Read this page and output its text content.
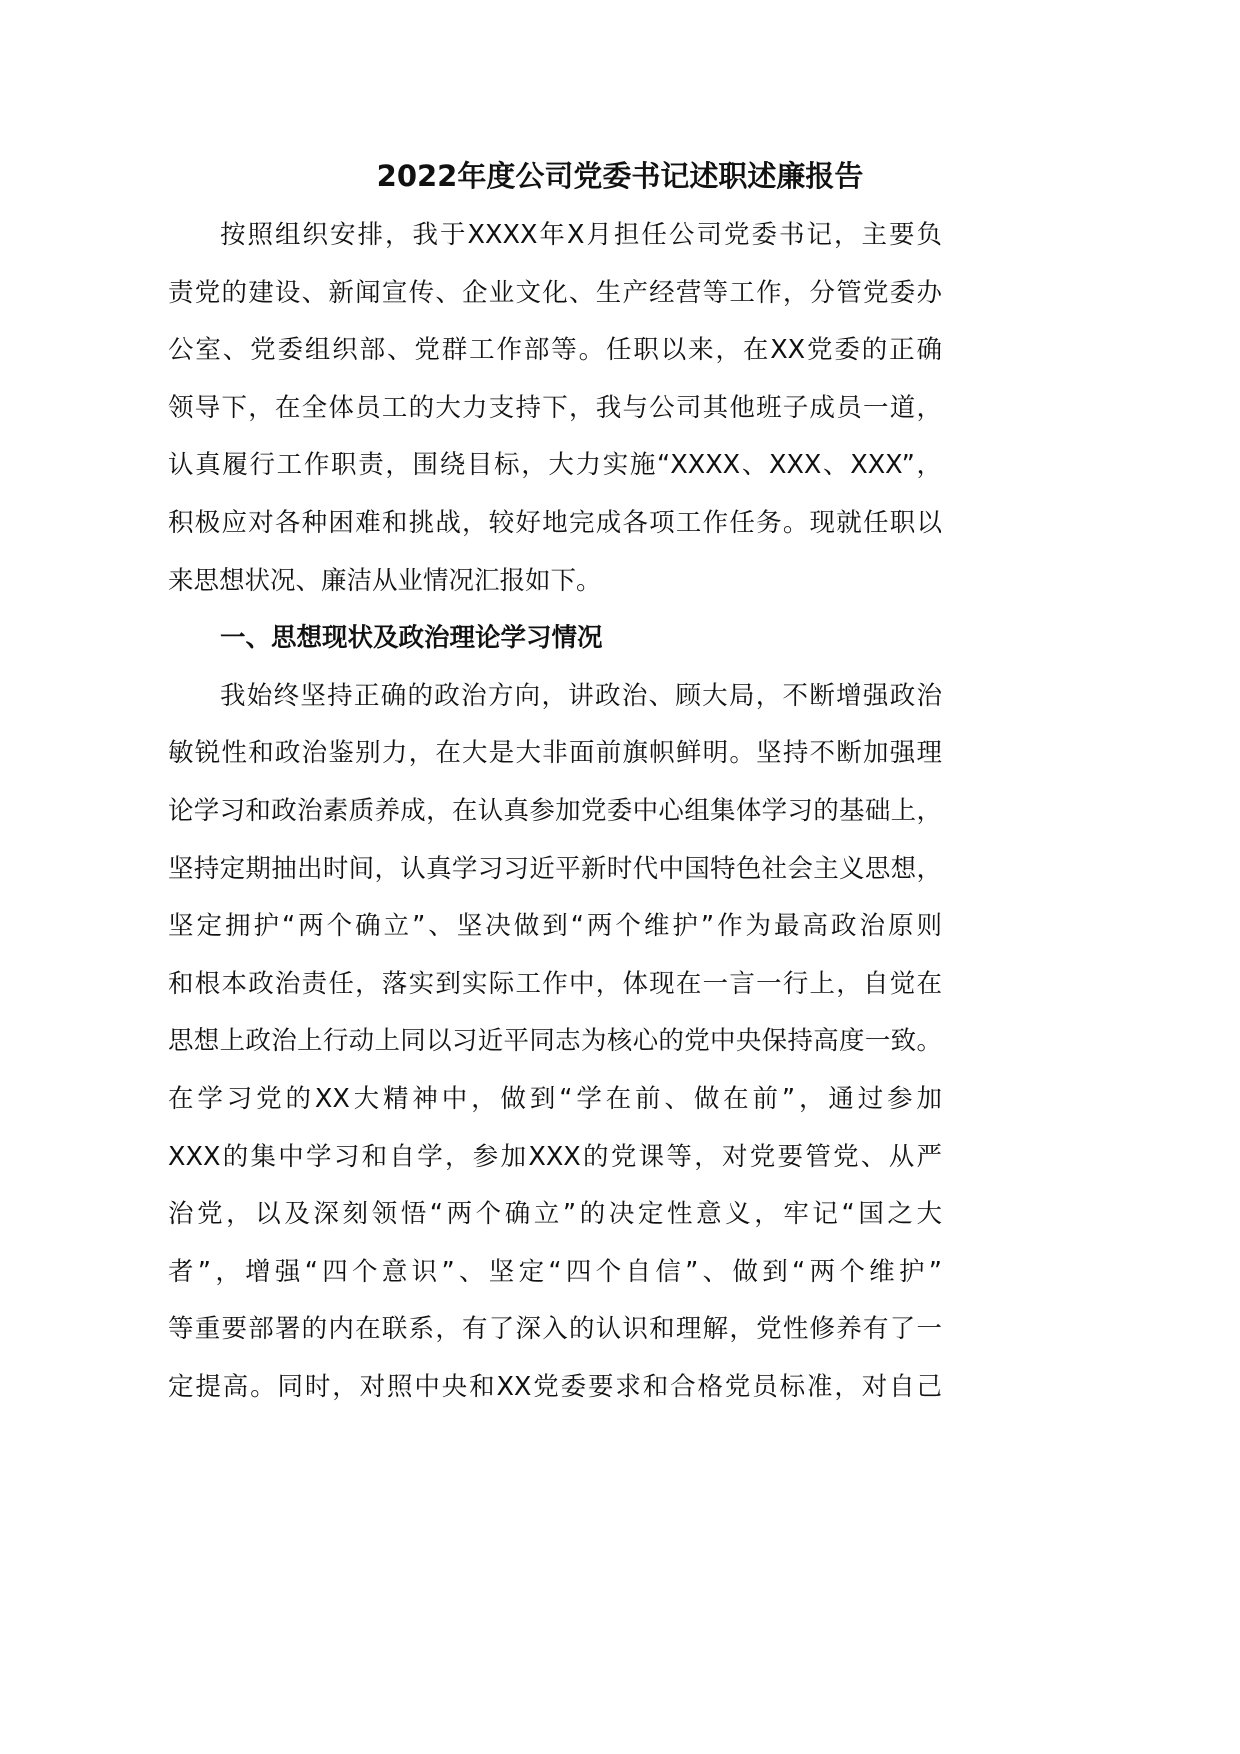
2022年度公司党委书记述职述廉报告
按照组织安排，我于XXXX年X月担任公司党委书记，主要负
责党的建设、新闻宣传、企业文化、生产经营等工作，分管党委办
公室、党委组织部、党群工作部等。任职以来，在XX党委的正确
领导下，在全体员工的大力支持下，我与公司其他班子成员一道，
认真履行工作职责，围绕目标，大力实施“XXXX、XXX、XXX”，
积极应对各种困难和挑战，较好地完成各项工作任务。现就任职以
来思想状况、廉洁从业情况汇报如下。
一、思想现状及政治理论学习情况
我始终坚持正确的政治方向，讲政治、顾大局，不断增强政治
敏锐性和政治鉴别力，在大是大非面前旗帜鲜明。坚持不断加强理
论学习和政治素质养成，在认真参加党委中心组集体学习的基础上，
坚持定期抽出时间，认真学习习近平新时代中国特色社会主义思想，
坚定拥护“两个确立”、坚决做到“两个维护”作为最高政治原则
和根本政治责任，落实到实际工作中，体现在一言一行上，自觉在
思想上政治上行动上同以习近平同志为核心的党中央保持高度一致。
在学习党的XX大精神中，做到“学在前、做在前”，通过参加
XXX的集中学习和自学，参加XXX的党课等，对党要管党、从严
治党，以及深刻领悟“两个确立”的决定性意义，牢记“国之大
者”，增强“四个意识”、坚定“四个自信”、做到“两个维护”
等重要部署的内在联系，有了深入的认识和理解，党性修养有了一
定提高。同时，对照中央和XX党委要求和合格党员标准，对自己
